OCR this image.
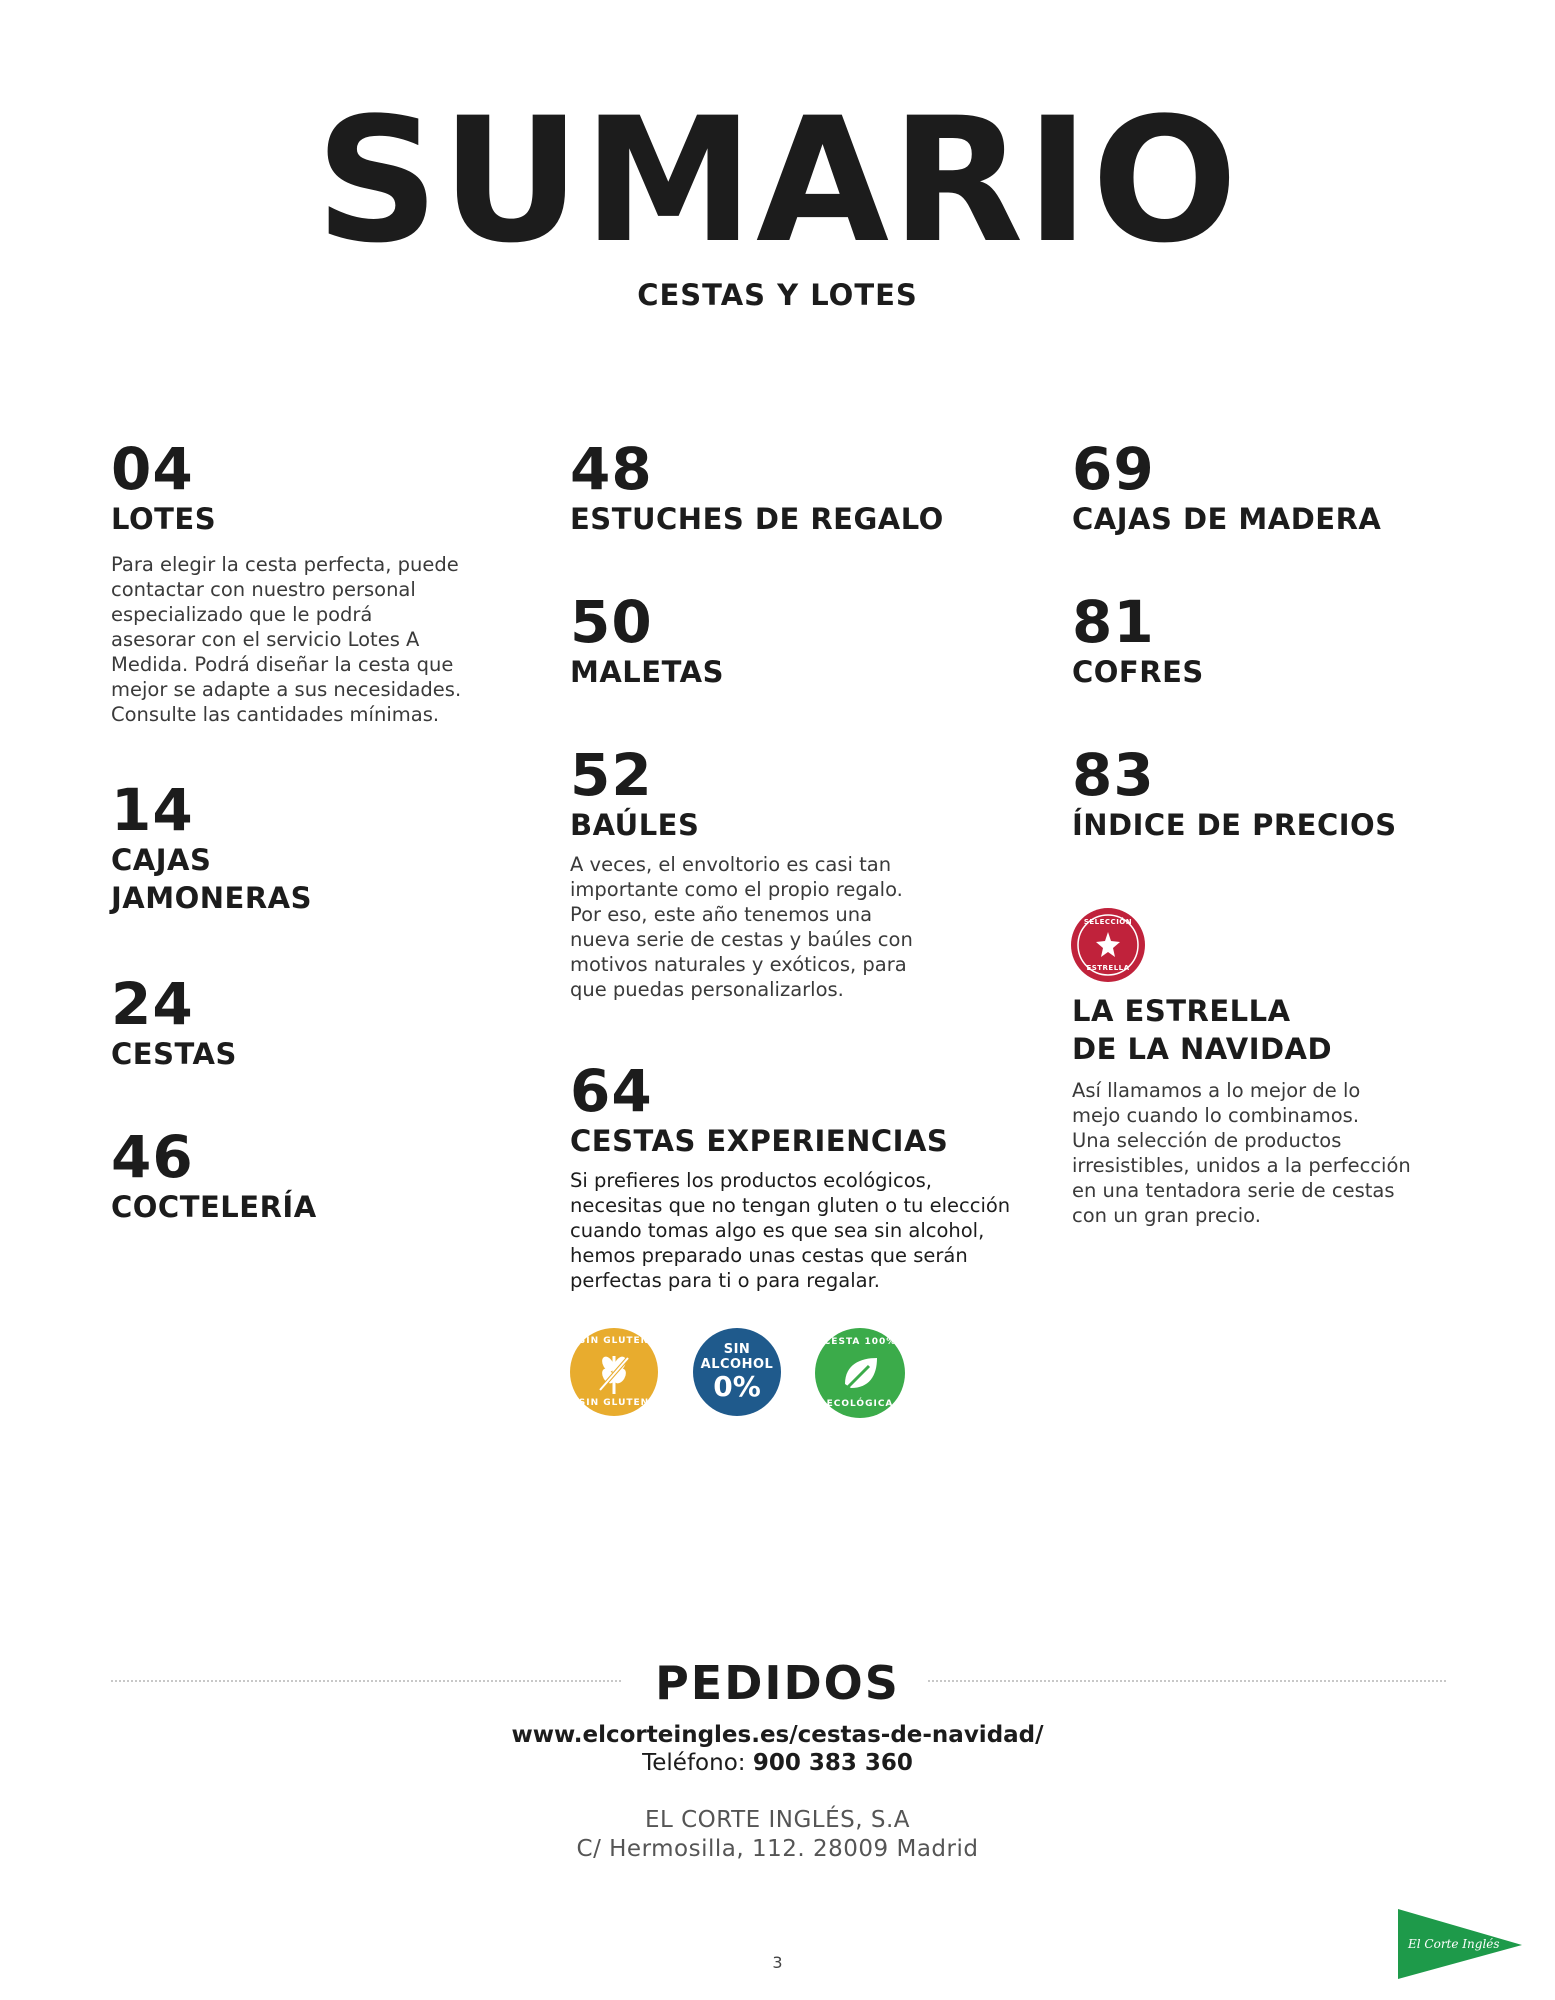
SUMARIO
CESTAS Y LOTES
04
LOTES
Para elegir la cesta perfecta, puede
contactar con nuestro personal
especializado que le podrá
asesorar con el servicio Lotes A
Medida. Podrá diseñar la cesta que
mejor se adapte a sus necesidades.
Consulte las cantidades mínimas.
14
CAJAS
JAMONERAS
24
CESTAS
46
COCTELERÍA
48
ESTUCHES DE REGALO
50
MALETAS
52
BAÚLES
A veces, el envoltorio es casi tan
importante como el propio regalo.
Por eso, este año tenemos una
nueva serie de cestas y baúles con
motivos naturales y exóticos, para
que puedas personalizarlos.
64
CESTAS EXPERIENCIAS
Si prefieres los productos ecológicos,
necesitas que no tengan gluten o tu elección
cuando tomas algo es que sea sin alcohol,
hemos preparado unas cestas que serán
perfectas para ti o para regalar.
SIN GLUTEN
SIN GLUTEN
SIN
ALCOHOL
0%
CESTA 100%
ECOLÓGICA
69
CAJAS DE MADERA
81
COFRES
83
ÍNDICE DE PRECIOS
SELECCIÓN
ESTRELLA
LA ESTRELLA
DE LA NAVIDAD
Así llamamos a lo mejor de lo
mejo cuando lo combinamos.
Una selección de productos
irresistibles, unidos a la perfección
en una tentadora serie de cestas
con un gran precio.
PEDIDOS
www.elcorteingles.es/cestas-de-navidad/
Teléfono: 900 383 360
EL CORTE INGLÉS, S.A
C/ Hermosilla, 112. 28009 Madrid
3
El Corte Inglés
